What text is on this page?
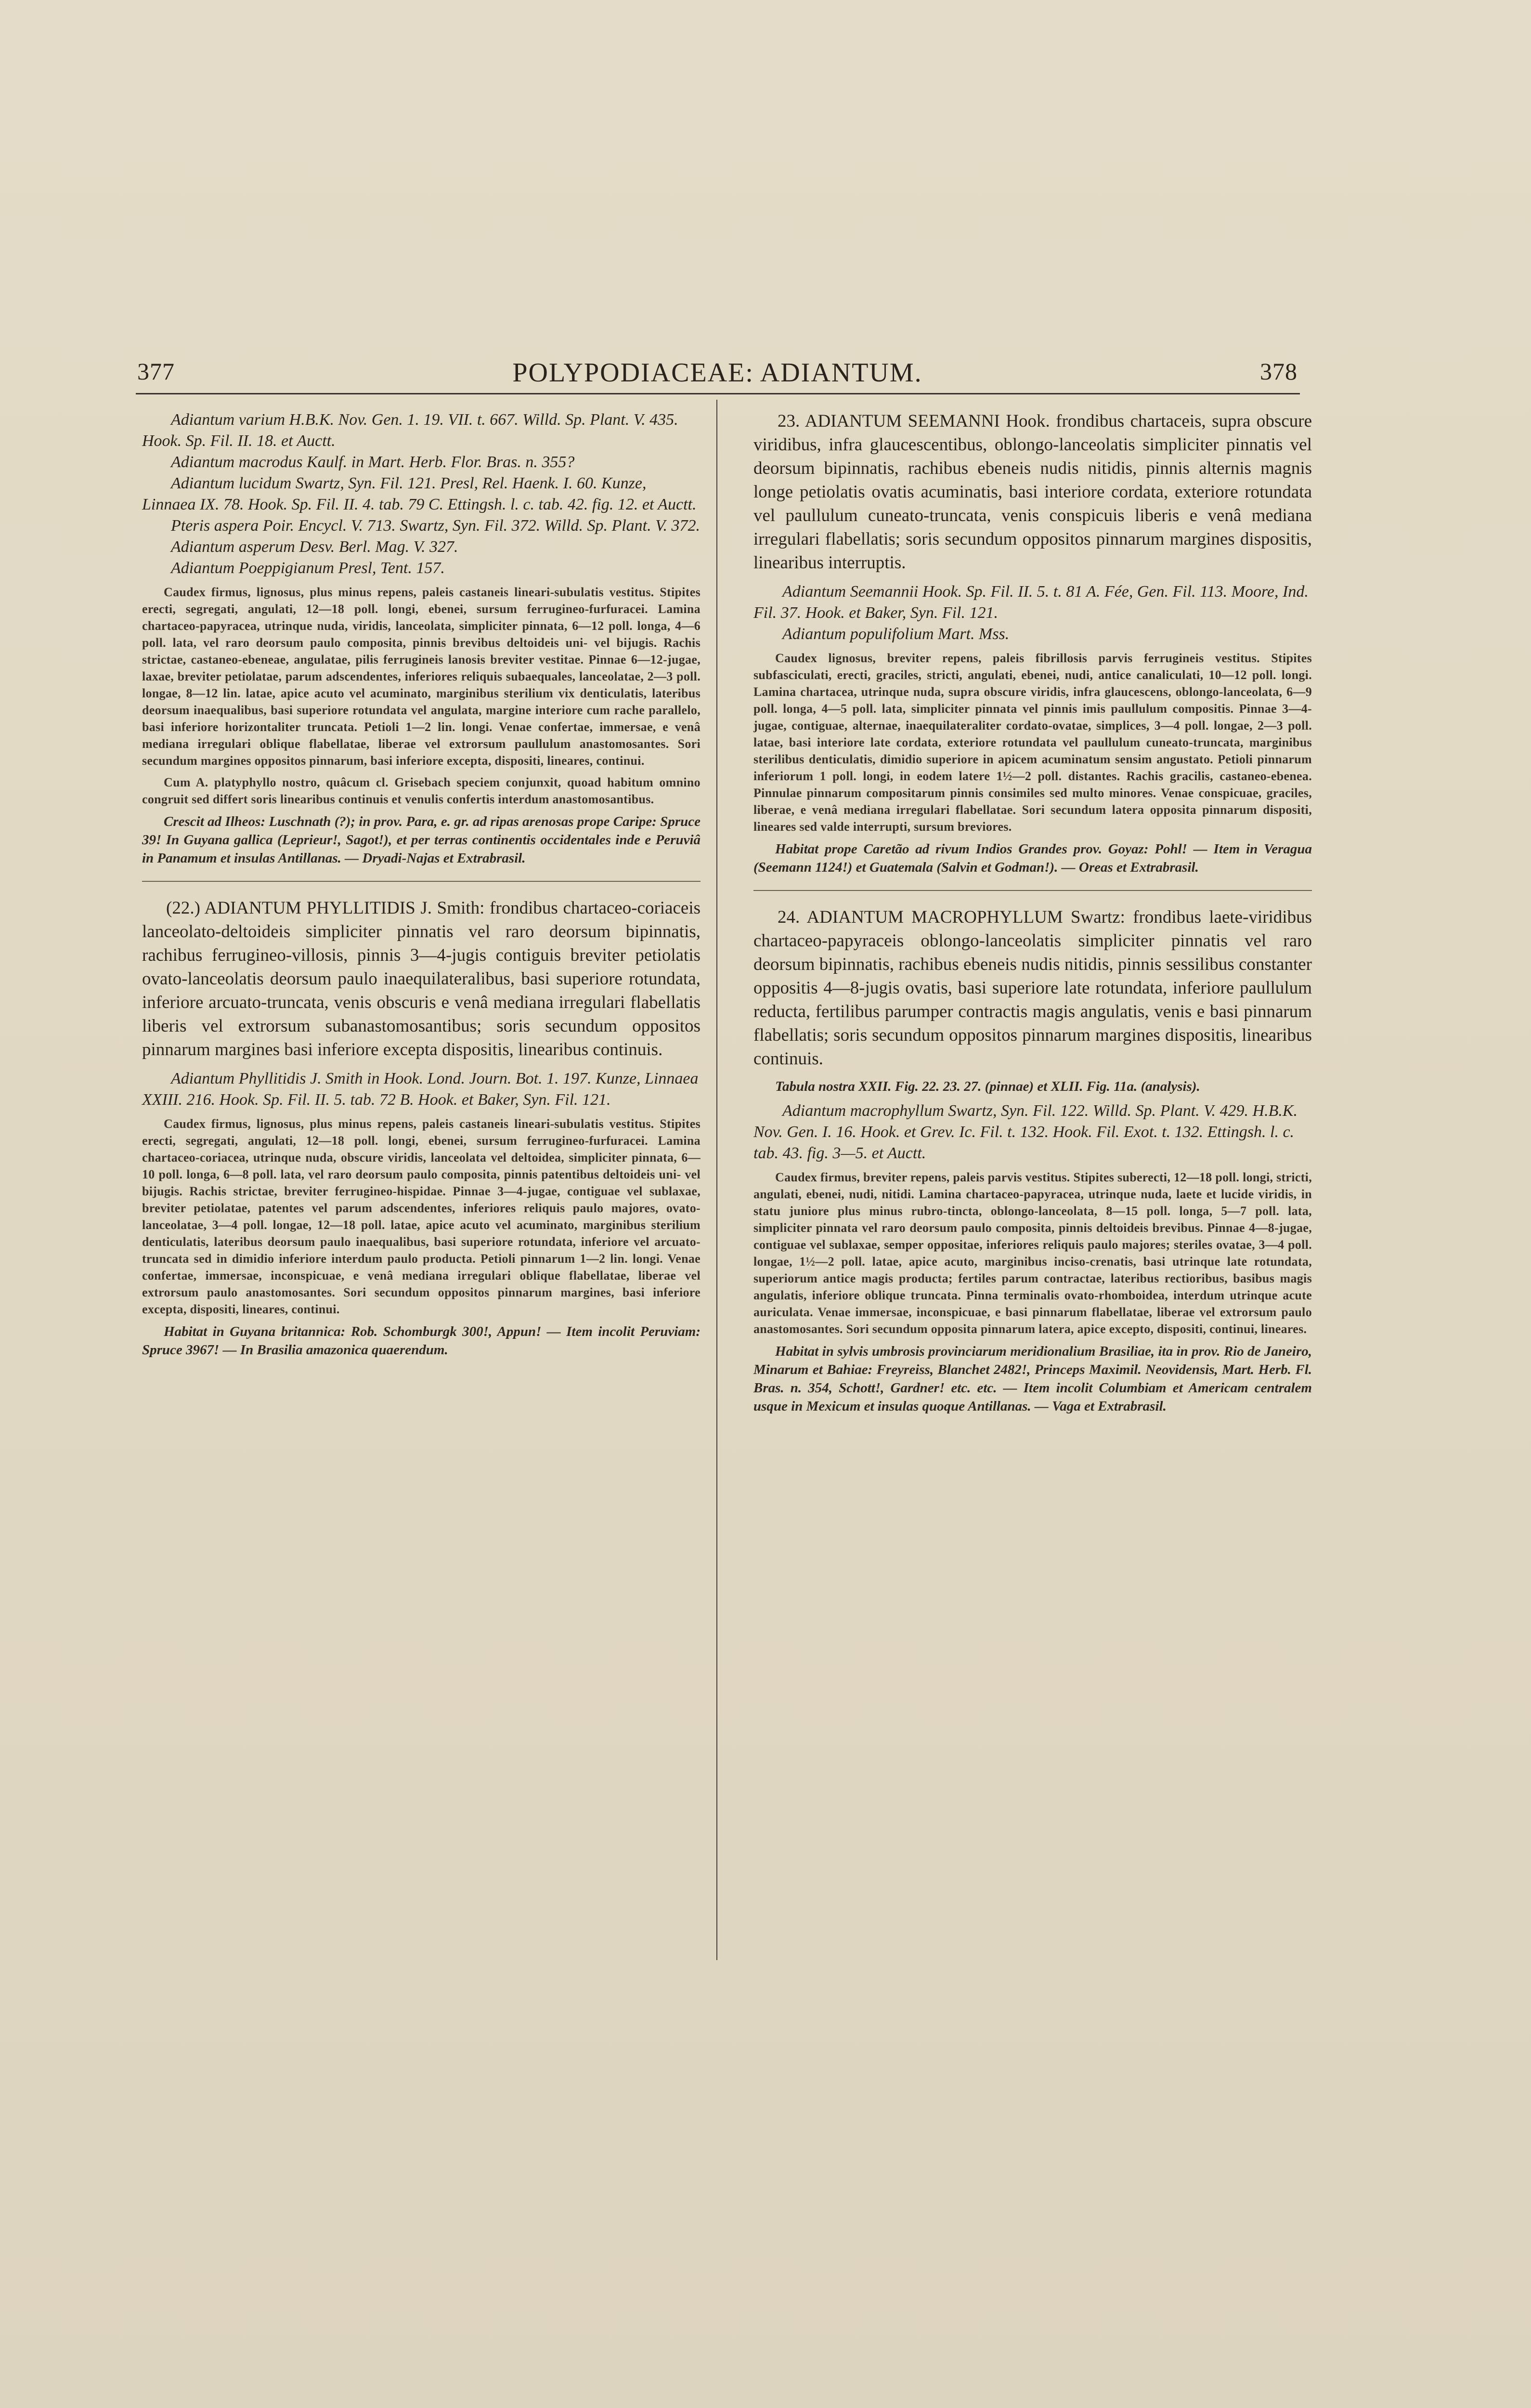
377	POLYPODIACEAE: ADIANTUM.	378

Adiantum varium H.B.K. Nov. Gen. 1. 19. VII. t. 667. Willd. Sp. Plant. V. 435. Hook. Sp. Fil. II. 18. et Auctt.

Adiantum macrodus Kaulf. in Mart. Herb. Flor. Bras. n. 355?

Adiantum lucidum Swartz, Syn. Fil. 121. Presl, Rel. Haenk. I. 60. Kunze, Linnaea IX. 78. Hook. Sp. Fil. II. 4. tab. 79 C. Ettingsh. l. c. tab. 42. fig. 12. et Auctt.

Pteris aspera Poir. Encycl. V. 713. Swartz, Syn. Fil. 372. Willd. Sp. Plant. V. 372.

Adiantum asperum Desv. Berl. Mag. V. 327.

Adiantum Poeppigianum Presl, Tent. 157.

Caudex firmus, lignosus, plus minus repens, paleis castaneis lineari-subulatis vestitus. Stipites erecti, segregati, angulati, 12—18 poll. longi, ebenei, sursum ferrugineo-furfuracei. Lamina chartaceo-papyracea, utrinque nuda, viridis, lanceolata, simpliciter pinnata, 6—12 poll. longa, 4—6 poll. lata, vel raro deorsum paulo composita, pinnis brevibus deltoideis uni- vel bijugis. Rachis strictae, castaneo-ebeneae, angulatae, pilis ferrugineis lanosis breviter vestitae. Pinnae 6—12-jugae, laxae, breviter petiolatae, parum adscendentes, inferiores reliquis subaequales, lanceolatae, 2—3 poll. longae, 8—12 lin. latae, apice acuto vel acuminato, marginibus sterilium vix denticulatis, lateribus deorsum inaequalibus, basi superiore rotundata vel angulata, margine interiore cum rache parallelo, basi inferiore horizontaliter truncata. Petioli 1—2 lin. longi. Venae confertae, immersae, e venâ mediana irregulari oblique flabellatae, liberae vel extrorsum paullulum anastomosantes. Sori secundum margines oppositos pinnarum, basi inferiore excepta, dispositi, lineares, continui.

Cum A. platyphyllo nostro, quâcum cl. Grisebach speciem conjunxit, quoad habitum omnino congruit sed differt soris linearibus continuis et venulis confertis interdum anastomosantibus.

Crescit ad Ilheos: Luschnath (?); in prov. Para, e. gr. ad ripas arenosas prope Caripe: Spruce 39! In Guyana gallica (Leprieur!, Sagot!), et per terras continentis occidentales inde e Peruviâ in Panamum et insulas Antillanas. — Dryadi-Najas et Extrabrasil.

(22.) ADIANTUM PHYLLITIDIS J. Smith: frondibus chartaceo-coriaceis lanceolato-deltoideis simpliciter pinnatis vel raro deorsum bipinnatis, rachibus ferrugineo-villosis, pinnis 3—4-jugis contiguis breviter petiolatis ovato-lanceolatis deorsum paulo inaequilateralibus, basi superiore rotundata, inferiore arcuato-truncata, venis obscuris e venâ mediana irregulari flabellatis liberis vel extrorsum subanastomosantibus; soris secundum oppositos pinnarum margines basi inferiore excepta dispositis, linearibus continuis.

Adiantum Phyllitidis J. Smith in Hook. Lond. Journ. Bot. 1. 197. Kunze, Linnaea XXIII. 216. Hook. Sp. Fil. II. 5. tab. 72 B. Hook. et Baker, Syn. Fil. 121.

Caudex firmus, lignosus, plus minus repens, paleis castaneis lineari-subulatis vestitus. Stipites erecti, segregati, angulati, 12—18 poll. longi, ebenei, sursum ferrugineo-furfuracei. Lamina chartaceo-coriacea, utrinque nuda, obscure viridis, lanceolata vel deltoidea, simpliciter pinnata, 6—10 poll. longa, 6—8 poll. lata, vel raro deorsum paulo composita, pinnis patentibus deltoideis uni- vel bijugis. Rachis strictae, breviter ferrugineo-hispidae. Pinnae 3—4-jugae, contiguae vel sublaxae, breviter petiolatae, patentes vel parum adscendentes, inferiores reliquis paulo majores, ovato-lanceolatae, 3—4 poll. longae, 12—18 poll. latae, apice acuto vel acuminato, marginibus sterilium denticulatis, lateribus deorsum paulo inaequalibus, basi superiore rotundata, inferiore vel arcuato-truncata sed in dimidio inferiore interdum paulo producta. Petioli pinnarum 1—2 lin. longi. Venae confertae, immersae, inconspicuae, e venâ mediana irregulari oblique flabellatae, liberae vel extrorsum paulo anastomosantes. Sori secundum oppositos pinnarum margines, basi inferiore excepta, dispositi, lineares, continui.

Habitat in Guyana britannica: Rob. Schomburgk 300!, Appun! — Item incolit Peruviam: Spruce 3967! — In Brasilia amazonica quaerendum.

23. ADIANTUM SEEMANNI Hook. frondibus chartaceis, supra obscure viridibus, infra glaucescentibus, oblongo-lanceolatis simpliciter pinnatis vel deorsum bipinnatis, rachibus ebeneis nudis nitidis, pinnis alternis magnis longe petiolatis ovatis acuminatis, basi interiore cordata, exteriore rotundata vel paullulum cuneato-truncata, venis conspicuis liberis e venâ mediana irregulari flabellatis; soris secundum oppositos pinnarum margines dispositis, linearibus interruptis.

Adiantum Seemannii Hook. Sp. Fil. II. 5. t. 81 A. Fée, Gen. Fil. 113. Moore, Ind. Fil. 37. Hook. et Baker, Syn. Fil. 121.

Adiantum populifolium Mart. Mss.

Caudex lignosus, breviter repens, paleis fibrillosis parvis ferrugineis vestitus. Stipites subfasciculati, erecti, graciles, stricti, angulati, ebenei, nudi, antice canaliculati, 10—12 poll. longi. Lamina chartacea, utrinque nuda, supra obscure viridis, infra glaucescens, oblongo-lanceolata, 6—9 poll. longa, 4—5 poll. lata, simpliciter pinnata vel pinnis imis paullulum compositis. Pinnae 3—4-jugae, contiguae, alternae, inaequilateraliter cordato-ovatae, simplices, 3—4 poll. longae, 2—3 poll. latae, basi interiore late cordata, exteriore rotundata vel paullulum cuneato-truncata, marginibus sterilibus denticulatis, dimidio superiore in apicem acuminatum sensim angustato. Petioli pinnarum inferiorum 1 poll. longi, in eodem latere 1½—2 poll. distantes. Rachis gracilis, castaneo-ebenea. Pinnulae pinnarum compositarum pinnis consimiles sed multo minores. Venae conspicuae, graciles, liberae, e venâ mediana irregulari flabellatae. Sori secundum latera opposita pinnarum dispositi, lineares sed valde interrupti, sursum breviores.

Habitat prope Caretão ad rivum Indios Grandes prov. Goyaz: Pohl! — Item in Veragua (Seemann 1124!) et Guatemala (Salvin et Godman!). — Oreas et Extrabrasil.

24. ADIANTUM MACROPHYLLUM Swartz: frondibus laete-viridibus chartaceo-papyraceis oblongo-lanceolatis simpliciter pinnatis vel raro deorsum bipinnatis, rachibus ebeneis nudis nitidis, pinnis sessilibus constanter oppositis 4—8-jugis ovatis, basi superiore late rotundata, inferiore paullulum reducta, fertilibus parumper contractis magis angulatis, venis e basi pinnarum flabellatis; soris secundum oppositos pinnarum margines dispositis, linearibus continuis.

Tabula nostra XXII. Fig. 22. 23. 27. (pinnae) et XLII. Fig. 11a. (analysis).

Adiantum macrophyllum Swartz, Syn. Fil. 122. Willd. Sp. Plant. V. 429. H.B.K. Nov. Gen. I. 16. Hook. et Grev. Ic. Fil. t. 132. Hook. Fil. Exot. t. 132. Ettingsh. l. c. tab. 43. fig. 3—5. et Auctt.

Caudex firmus, breviter repens, paleis parvis vestitus. Stipites suberecti, 12—18 poll. longi, stricti, angulati, ebenei, nudi, nitidi. Lamina chartaceo-papyracea, utrinque nuda, laete et lucide viridis, in statu juniore plus minus rubro-tincta, oblongo-lanceolata, 8—15 poll. longa, 5—7 poll. lata, simpliciter pinnata vel raro deorsum paulo composita, pinnis deltoideis brevibus. Pinnae 4—8-jugae, contiguae vel sublaxae, semper oppositae, inferiores reliquis paulo majores; steriles ovatae, 3—4 poll. longae, 1½—2 poll. latae, apice acuto, marginibus inciso-crenatis, basi utrinque late rotundata, superiorum antice magis producta; fertiles parum contractae, lateribus rectioribus, basibus magis angulatis, inferiore oblique truncata. Pinna terminalis ovato-rhomboidea, interdum utrinque acute auriculata. Venae immersae, inconspicuae, e basi pinnarum flabellatae, liberae vel extrorsum paulo anastomosantes. Sori secundum opposita pinnarum latera, apice excepto, dispositi, continui, lineares.

Habitat in sylvis umbrosis provinciarum meridionalium Brasiliae, ita in prov. Rio de Janeiro, Minarum et Bahiae: Freyreiss, Blanchet 2482!, Princeps Maximil. Neovidensis, Mart. Herb. Fl. Bras. n. 354, Schott!, Gardner! etc. etc. — Item incolit Columbiam et Americam centralem usque in Mexicum et insulas quoque Antillanas. — Vaga et Extrabrasil.
